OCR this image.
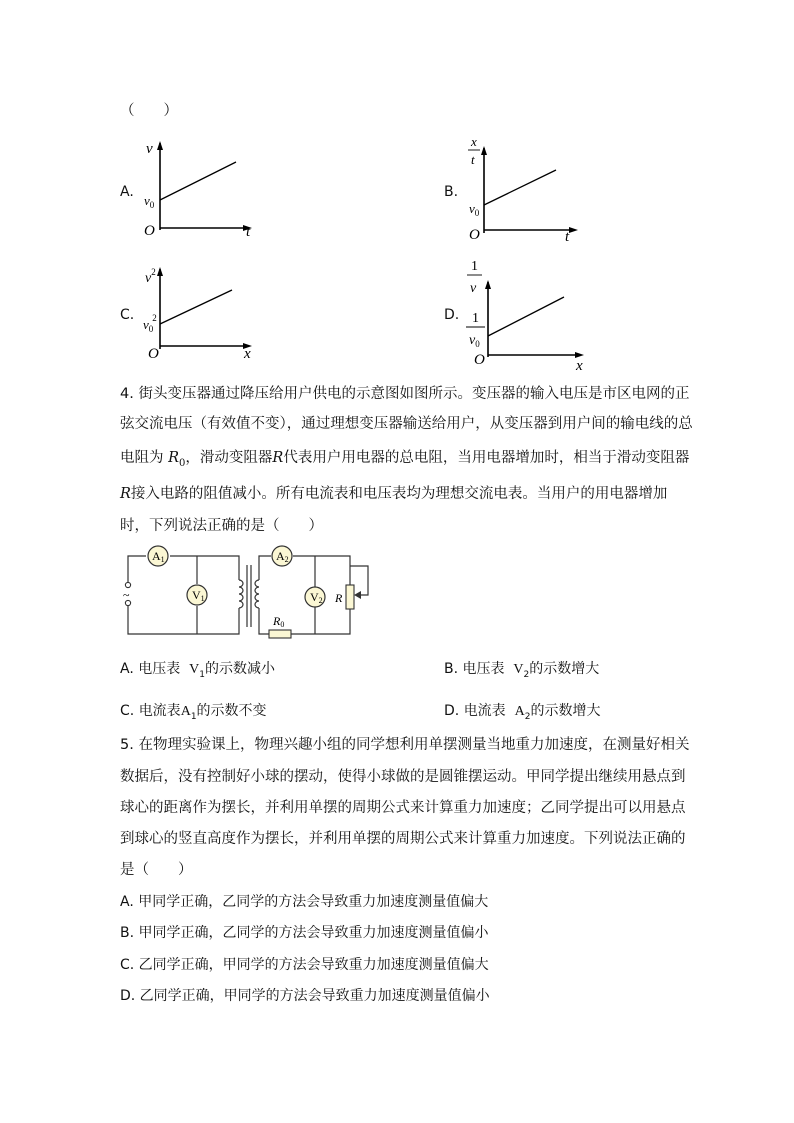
（　　）
A.
v
$v_0$
O	t
B.
x
t
$v_0$
O	t
C.
$v^2$
$v_02$
O	x
D.
1
v
1
$v_0$
O	x
4. 街头变压器通过降压给用户供电的示意图如图所示。变压器的输入电压是市区电网的正
弦交流电压（有效值不变），通过理想变压器输送给用户，从变压器到用户间的输电线的总
电阻为 $R_0$，滑动变阻器R代表用户用电器的总电阻，当用电器增加时，相当于滑动变阻器
R接入电路的阻值减小。所有电流表和电压表均为理想交流电表。当用户的用电器增加
时，下列说法正确的是（　　）
~
A1
V1
A2
V2
R0
R
A. 电压表 $V_1$的示数减小	B. 电压表 $V_2$的示数增大
C. 电流表$A_1$的示数不变	D. 电流表 $A_2$的示数增大
5. 在物理实验课上，物理兴趣小组的同学想利用单摆测量当地重力加速度，在测量好相关
数据后，没有控制好小球的摆动，使得小球做的是圆锥摆运动。甲同学提出继续用悬点到
球心的距离作为摆长，并利用单摆的周期公式来计算重力加速度；乙同学提出可以用悬点
到球心的竖直高度作为摆长，并利用单摆的周期公式来计算重力加速度。下列说法正确的
是（　　）
A. 甲同学正确，乙同学的方法会导致重力加速度测量值偏大
B. 甲同学正确，乙同学的方法会导致重力加速度测量值偏小
C. 乙同学正确，甲同学的方法会导致重力加速度测量值偏大
D. 乙同学正确，甲同学的方法会导致重力加速度测量值偏小
